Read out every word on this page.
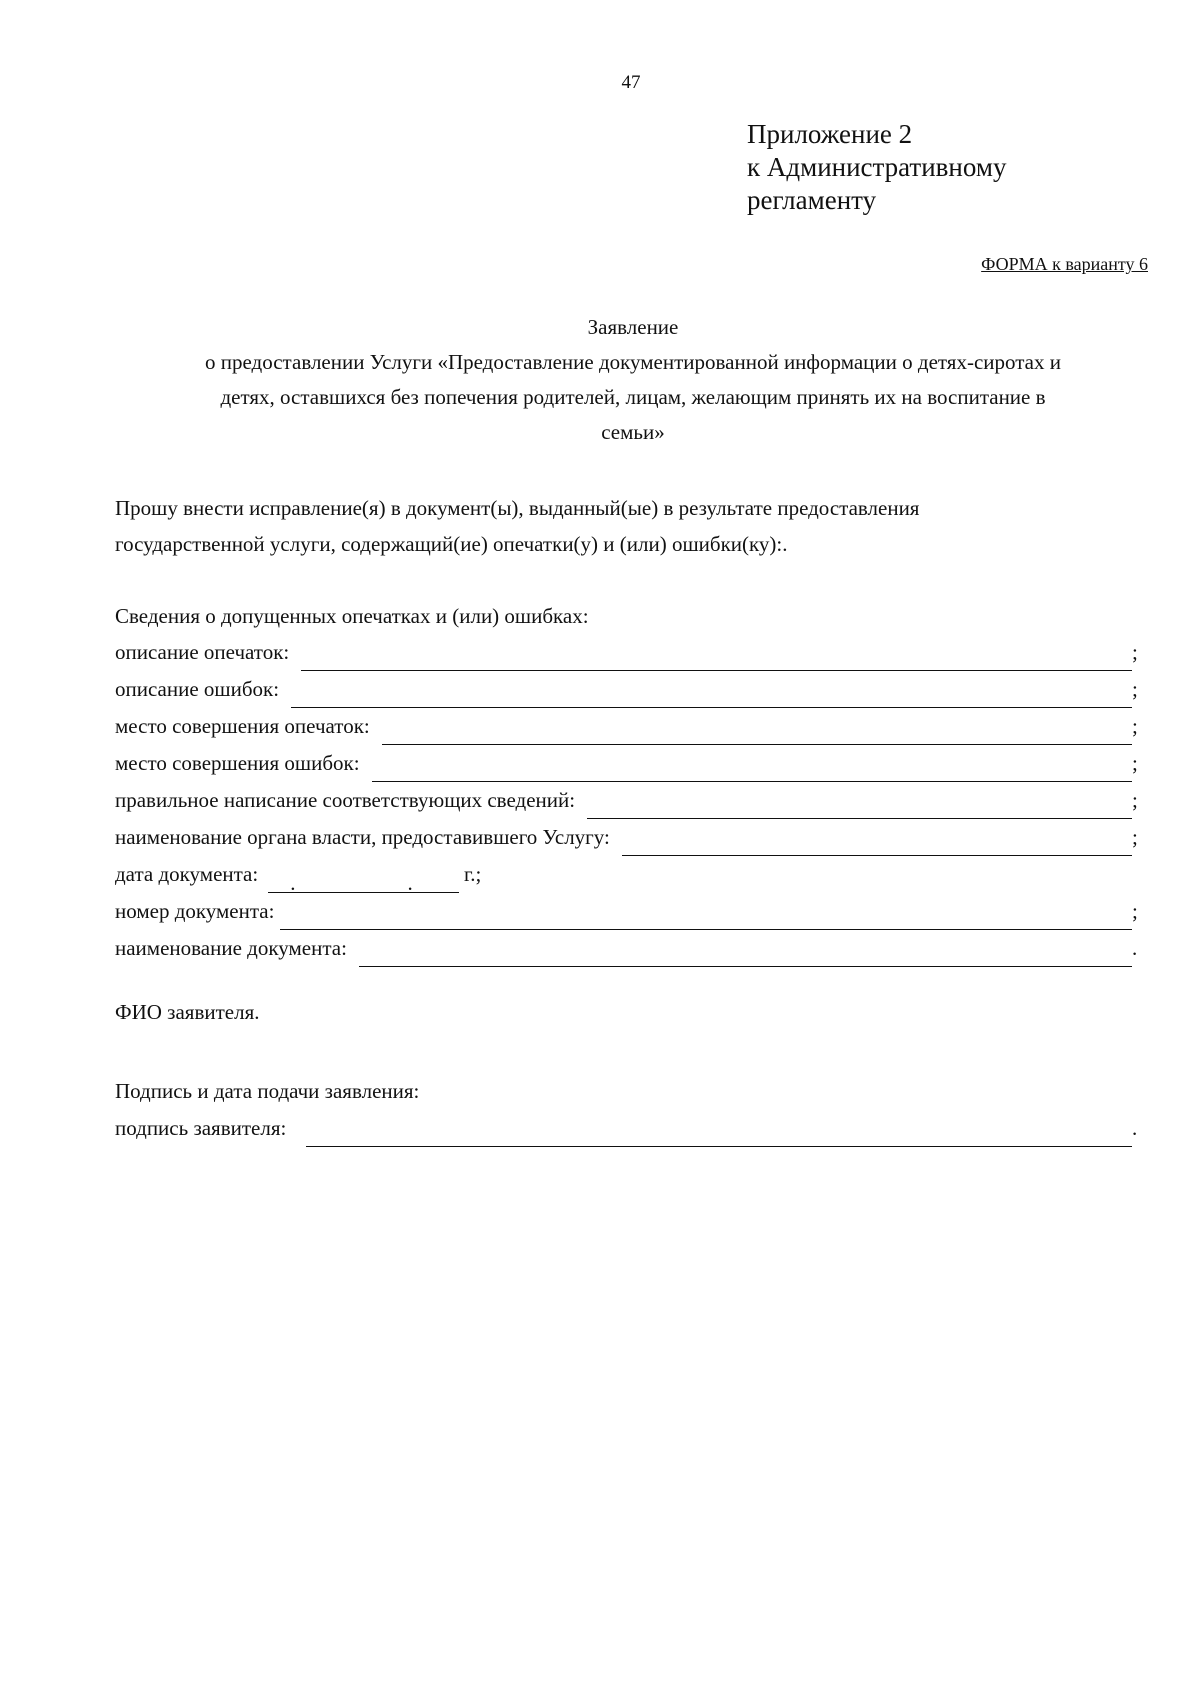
47
Приложение 2
к Административному
регламенту
ФОРМА к варианту 6
Заявление
о предоставлении Услуги «Предоставление документированной информации о детях-сиротах и
детях, оставшихся без попечения родителей, лицам, желающим принять их на воспитание в
семьи»
Прошу внести исправление(я) в документ(ы), выданный(ые) в результате предоставления
государственной услуги, содержащий(ие) опечатки(у) и (или) ошибки(ку):.
Сведения о допущенных опечатках и (или) ошибках:
описание опечаток:	;
описание ошибок:	;
место совершения опечаток:	;
место совершения ошибок:	;
правильное написание соответствующих сведений:	;
наименование органа власти, предоставившего Услугу:	;
дата документа: .	. г.;
номер документа:	;
наименование документа:	.
ФИО заявителя.
Подпись и дата подачи заявления:
подпись заявителя:	.
